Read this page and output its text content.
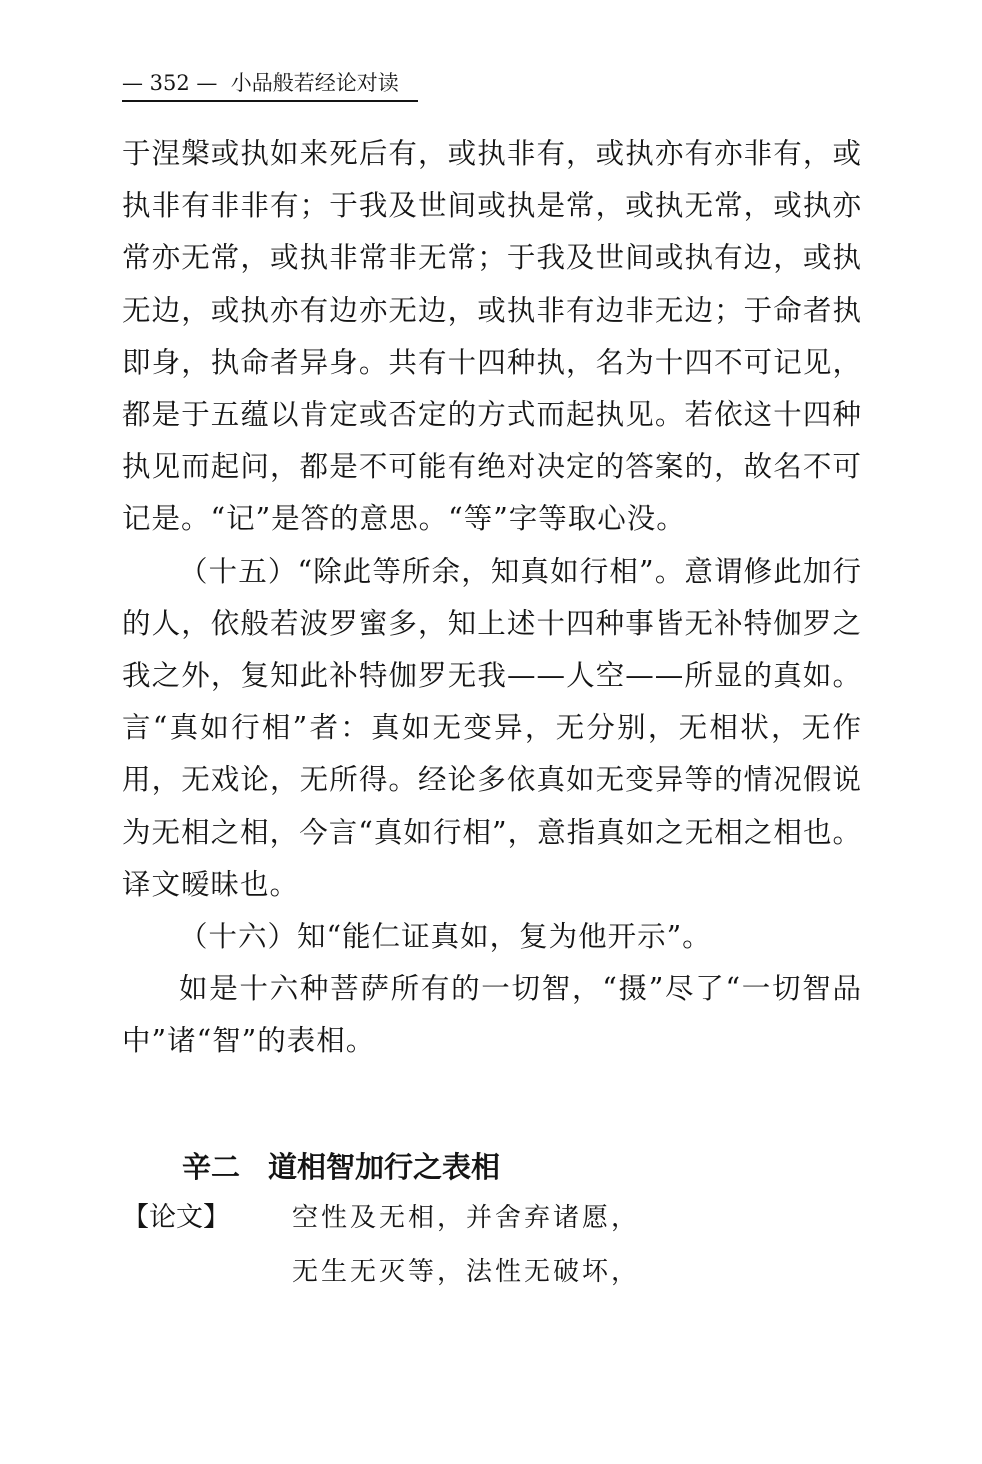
— 352 — 小品般若经论对读

于涅槃或执如来死后有，或执非有，或执亦有亦非有，或执非有非非有；于我及世间或执是常，或执无常，或执亦常亦无常，或执非常非无常；于我及世间或执有边，或执无边，或执亦有边亦无边，或执非有边非无边；于命者执即身，执命者异身。共有十四种执，名为十四不可记见，都是于五蕴以肯定或否定的方式而起执见。若依这十四种执见而起问，都是不可能有绝对决定的答案的，故名不可记是。“记”是答的意思。“等”字等取心没。

（十五）“除此等所余，知真如行相”。意谓修此加行的人，依般若波罗蜜多，知上述十四种事皆无补特伽罗之我之外，复知此补特伽罗无我——人空——所显的真如。言“真如行相”者：真如无变异，无分别，无相状，无作用，无戏论，无所得。经论多依真如无变异等的情况假说为无相之相，今言“真如行相”，意指真如之无相之相也。译文暧昧也。

（十六）知“能仁证真如，复为他开示”。

如是十六种菩萨所有的一切智，“摄”尽了“一切智品中”诸“智”的表相。

辛二 道相智加行之表相
【论文】 空性及无相，并舍弃诸愿，
无生无灭等，法性无破坏，
